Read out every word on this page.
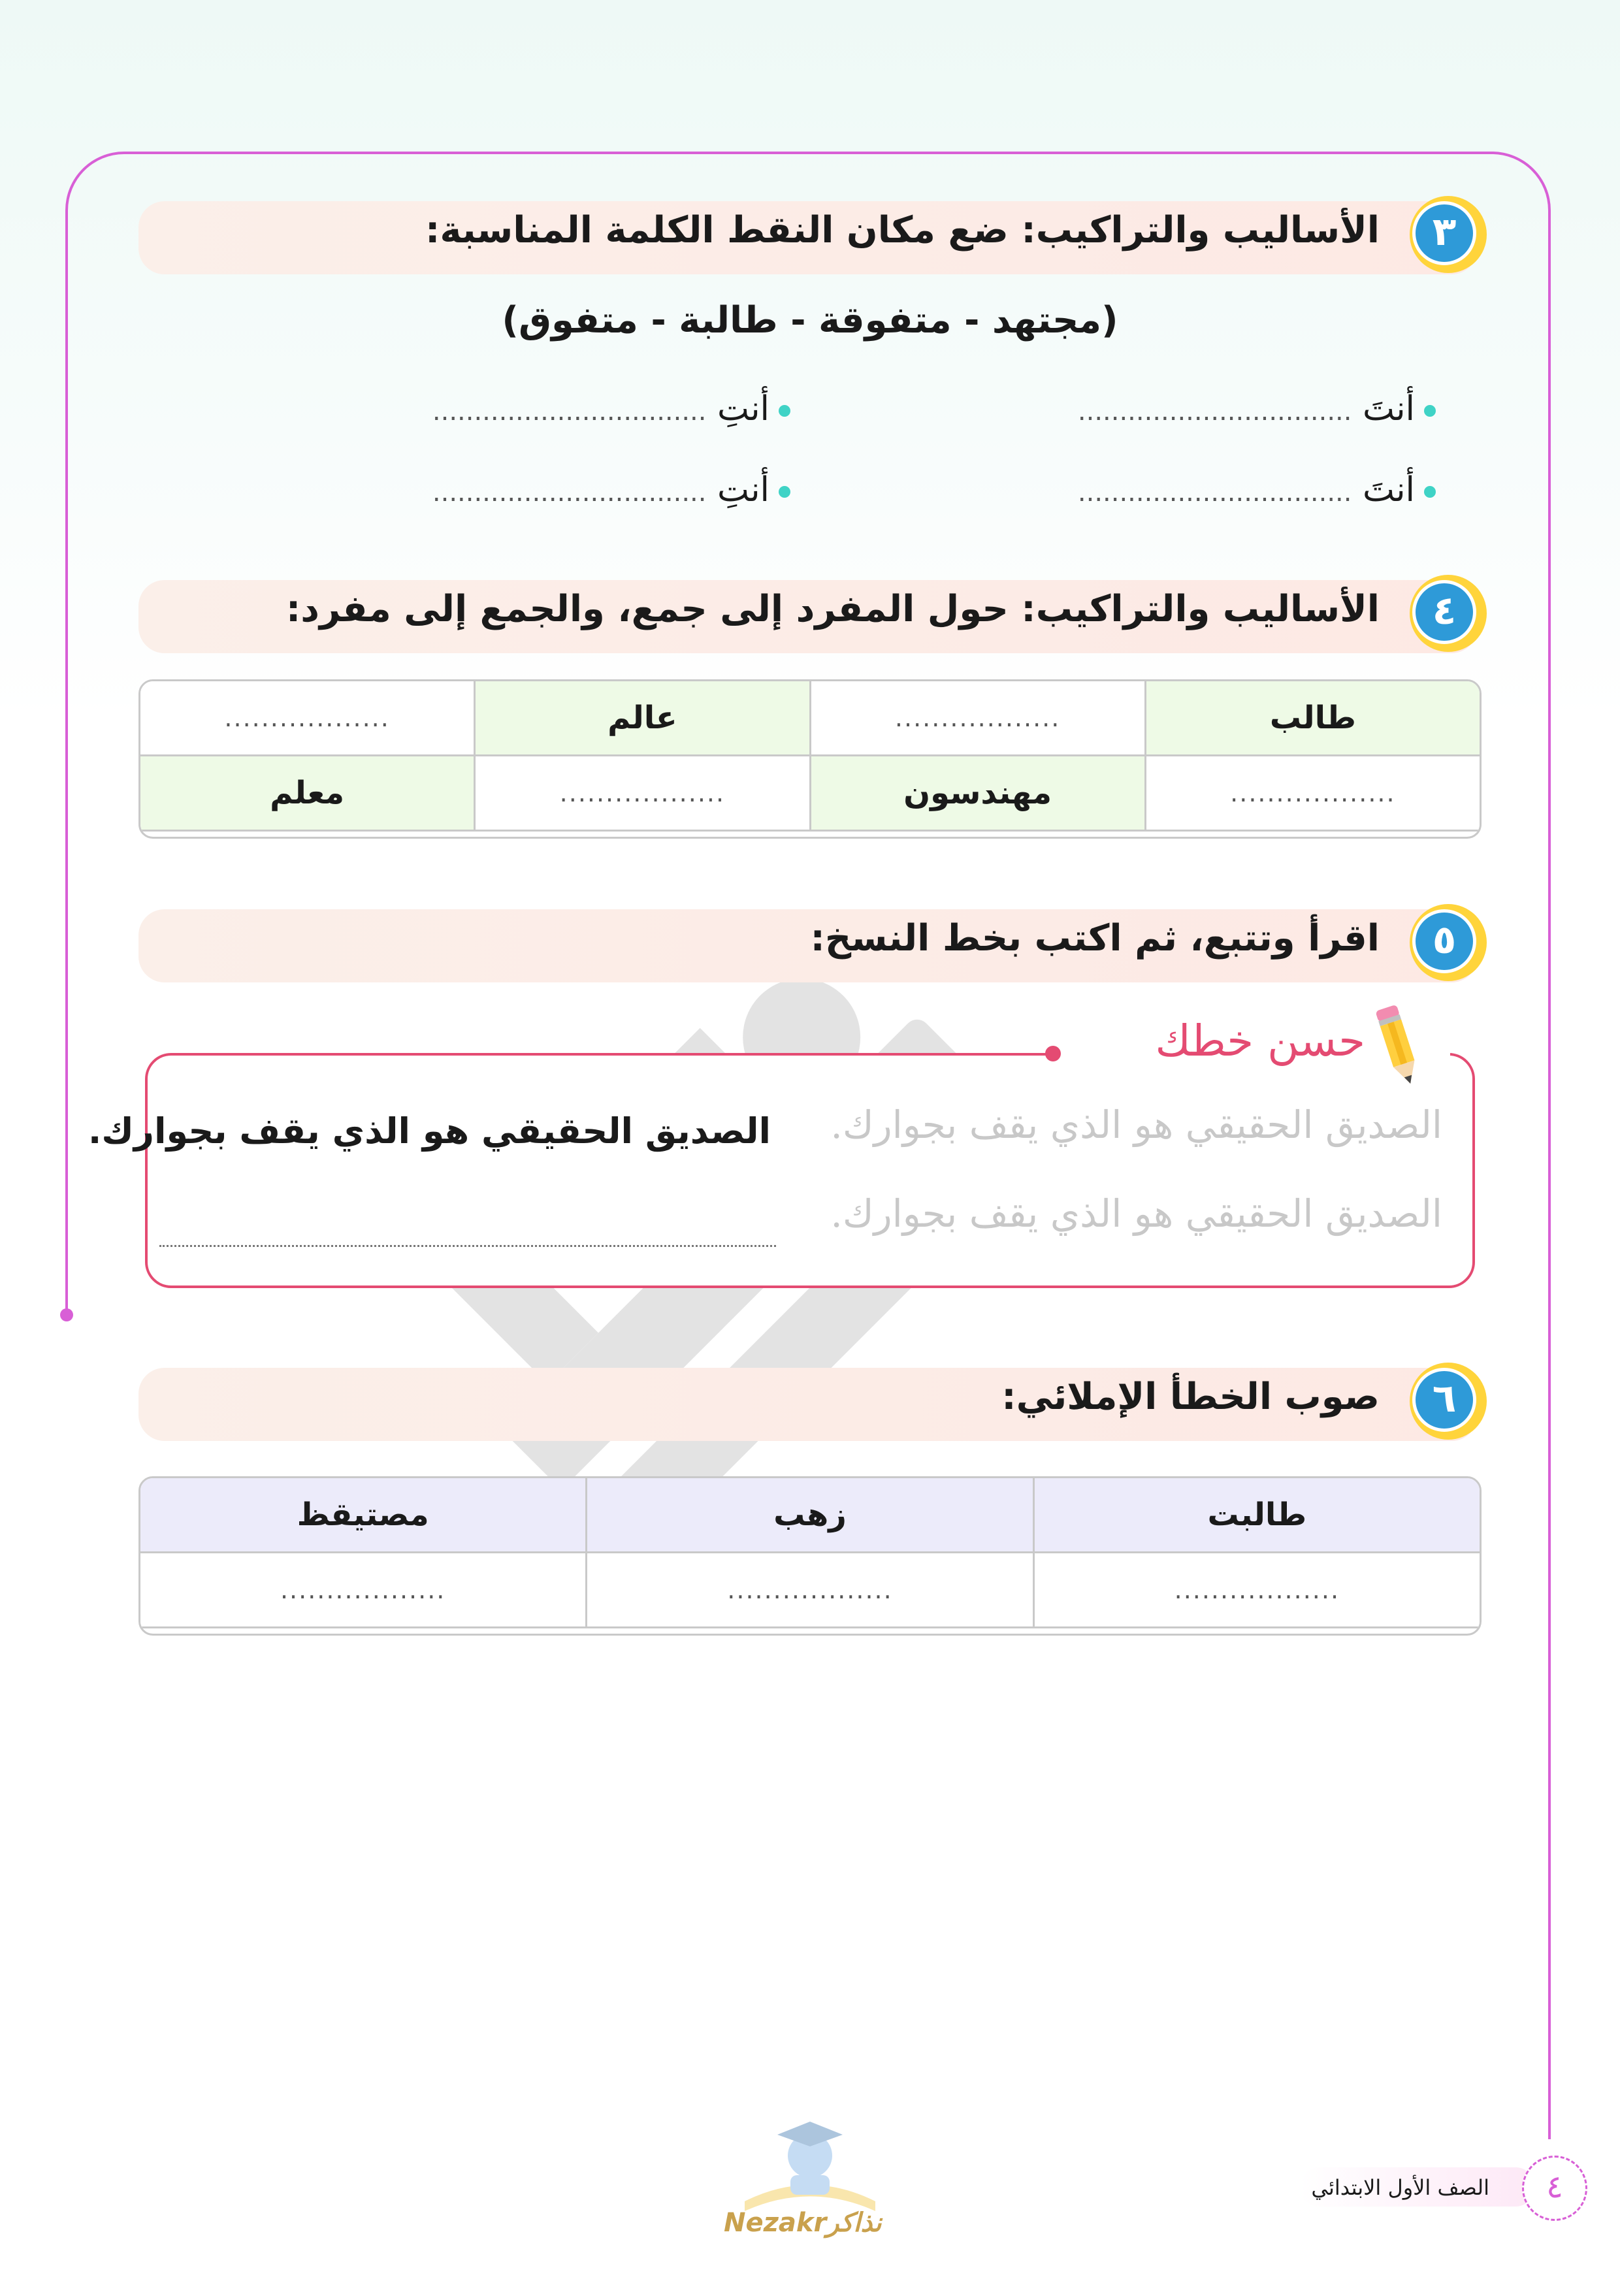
الأساليب والتراكيب: ضع مكان النقط الكلمة المناسبة:	٣
(مجتهد - متفوقة - طالبة - متفوق)
أنتَ .................................
أنتِ .................................
أنتَ .................................
أنتِ .................................
الأساليب والتراكيب: حول المفرد إلى جمع، والجمع إلى مفرد:	٤
طالب	..................	عالم	..................
..................	مهندسون	..................	معلم
اقرأ وتتبع، ثم اكتب بخط النسخ:	٥
حسن خطك
الصديق الحقيقي هو الذي يقف بجوارك. الصديق الحقيقي هو الذي يقف بجوارك.
الصديق الحقيقي هو الذي يقف بجوارك.
صوب الخطأ الإملائي:	٦
طالبت	زهب	مصتيقظ
..................	..................	..................
Nezakrنذاكر
الصف الأول الابتدائي	٤
